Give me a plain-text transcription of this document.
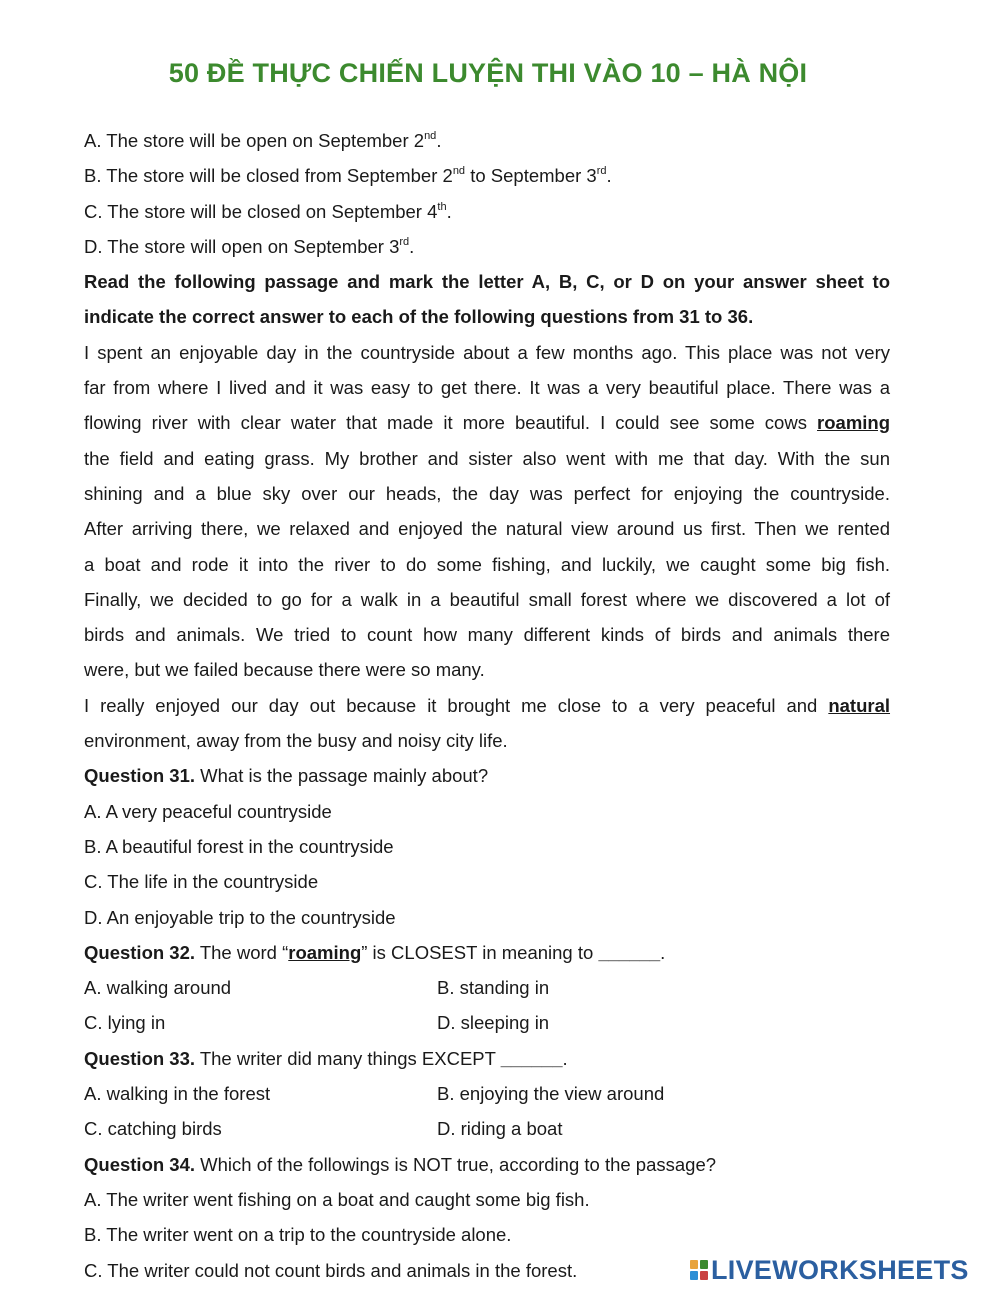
50 ĐỀ THỰC CHIẾN LUYỆN THI VÀO 10 – HÀ NỘI
A. The store will be open on September 2nd.
B. The store will be closed from September 2nd to September 3rd.
C. The store will be closed on September 4th.
D. The store will open on September 3rd.
Read the following passage and mark the letter A, B, C, or D on your answer sheet to
indicate the correct answer to each of the following questions from 31 to 36.
I spent an enjoyable day in the countryside about a few months ago. This place was not very
far from where I lived and it was easy to get there. It was a very beautiful place. There was a
flowing river with clear water that made it more beautiful. I could see some cows roaming
the field and eating grass. My brother and sister also went with me that day. With the sun
shining and a blue sky over our heads, the day was perfect for enjoying the countryside.
After arriving there, we relaxed and enjoyed the natural view around us first. Then we rented
a boat and rode it into the river to do some fishing, and luckily, we caught some big fish.
Finally, we decided to go for a walk in a beautiful small forest where we discovered a lot of
birds and animals. We tried to count how many different kinds of birds and animals there
were, but we failed because there were so many.
I really enjoyed our day out because it brought me close to a very peaceful and natural
environment, away from the busy and noisy city life.
Question 31. What is the passage mainly about?
A. A very peaceful countryside
B. A beautiful forest in the countryside
C. The life in the countryside
D. An enjoyable trip to the countryside
Question 32. The word “roaming” is CLOSEST in meaning to ______.
A. walking around	B. standing in
C. lying in	D. sleeping in
Question 33. The writer did many things EXCEPT ______.
A. walking in the forest	B. enjoying the view around
C. catching birds	D. riding a boat
Question 34. Which of the followings is NOT true, according to the passage?
A. The writer went fishing on a boat and caught some big fish.
B. The writer went on a trip to the countryside alone.
C. The writer could not count birds and animals in the forest.	LIVEWORKSHEETS
